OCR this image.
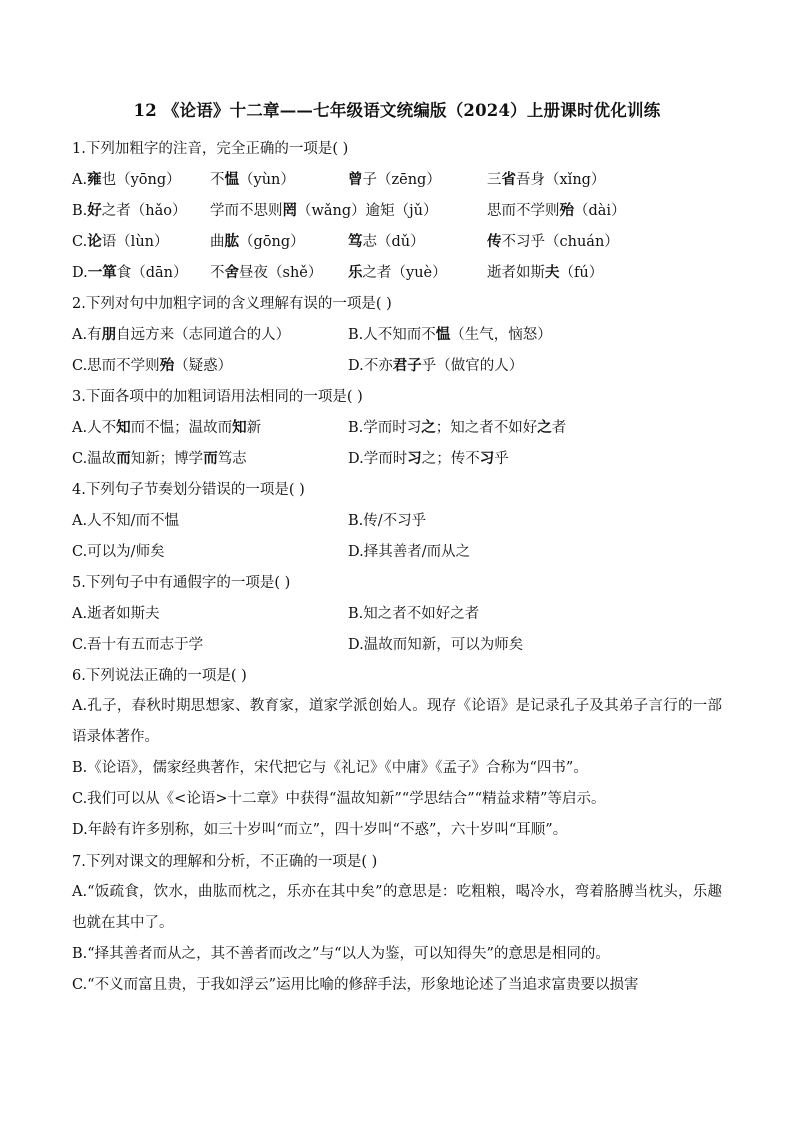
12 《论语》十二章——七年级语文统编版（2024）上册课时优化训练
1.下列加粗字的注音，完全正确的一项是( )
A.雍也（yōng） 不愠（yùn）	曾子（zēng）	三省吾身（xǐng）
B.好之者（hǎo） 学而不思则罔（wǎng）逾矩（jǔ）	思而不学则殆（dài）
C.论语（lùn）	曲肱（gōng）	笃志（dǔ）	传不习乎（chuán）
D.一箪食（dān） 不舍昼夜（shě） 乐之者（yuè）	逝者如斯夫（fú）
2.下列对句中加粗字词的含义理解有误的一项是( )
A.有朋自远方来（志同道合的人）	B.人不知而不愠（生气，恼怒）
C.思而不学则殆（疑惑）	D.不亦君子乎（做官的人）
3.下面各项中的加粗词语用法相同的一项是( )
A.人不知而不愠；温故而知新	B.学而时习之；知之者不如好之者
C.温故而知新；博学而笃志	D.学而时习之；传不习乎
4.下列句子节奏划分错误的一项是( )
A.人不知/而不愠	B.传/不习乎
C.可以为/师矣	D.择其善者/而从之
5.下列句子中有通假字的一项是( )
A.逝者如斯夫	B.知之者不如好之者
C.吾十有五而志于学	D.温故而知新，可以为师矣
6.下列说法正确的一项是( )
A.孔子，春秋时期思想家、教育家，道家学派创始人。现存《论语》是记录孔子及其弟子言行的一部语录体著作。
B.《论语》，儒家经典著作，宋代把它与《礼记》《中庸》《孟子》合称为“四书”。
C.我们可以从《<论语>十二章》中获得“温故知新”“学思结合”“精益求精”等启示。
D.年龄有许多别称，如三十岁叫“而立”，四十岁叫“不惑”，六十岁叫“耳顺”。
7.下列对课文的理解和分析，不正确的一项是( )
A.“饭疏食，饮水，曲肱而枕之，乐亦在其中矣”的意思是：吃粗粮，喝冷水，弯着胳膊当枕头，乐趣也就在其中了。
B.“择其善者而从之，其不善者而改之”与“以人为鉴，可以知得失”的意思是相同的。
C.“不义而富且贵，于我如浮云”运用比喻的修辞手法，形象地论述了当追求富贵要以损害
